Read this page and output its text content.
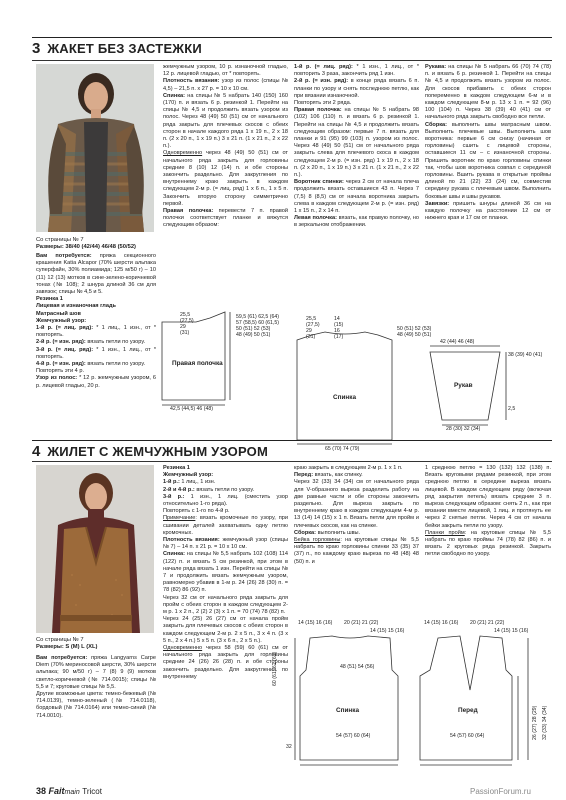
3 ЖАКЕТ БЕЗ ЗАСТЕЖКИ
Со страницы № 7
Размеры: 38/40 (42/44) 46/48 (50/52)
Вам потребуется: пряжа секционного крашения Katia Alcapor (70% шерсти альпака суперфайн, 30% полиамида; 125 м/50 г) – 10 (11) 12 (13) мотков в сине-зелено-коричневой тонах (№ 108); 2 шнура длиной 36 см для завязок; спицы № 4,5 и 5.
Резинка 1
Лицевая и изнаночная гладь
Матрасный шов
Жемчужный узор:
1-й р. (= лиц. ряд): * 1 лиц., 1 изн., от * повторять.
2-й р. (= изн. ряд): вязать петли по узору.
3-й р. (= лиц. ряд): * 1 изн., 1 лиц., от * повторять.
4-й р. (= изн. ряд): вязать петли по узору.
Повторять эти 4 р.
Узор из полос: * 12 р. жемчужным узором, 6 р. лицевой гладью, 20 р.
жемчужным узором, 10 р. изнаночной гладью, 12 р. лицевой гладью, от * повторять.
Плотность вязания: узор из полос (спицы № 4,5) – 21,5 п. x 27 р. = 10 x 10 см.
Спинка: на спицы № 5 набрать 140 (150) 160 (170) п. и вязать 6 р. резинкой 1. Перейти на спицы № 4,5 и продолжить вязать узором из полос. Через 48 (49) 50 (51) см от начального ряда закрыть для плечевых скосов с обеих сторон в начале каждого ряда 1 x 19 п., 2 x 18 п. (2 x 20 п., 1 x 19 п.) 3 x 21 п. (1 x 21 п., 2 x 22 п.).
Одновременно через 48 (49) 50 (51) см от начального ряда закрыть для горловины средние 8 (10) 12 (14) п. и обе стороны закончить раздельно. Для закругления по внутреннему краю закрыть в каждом следующем 2-м р. (= лиц. ряд) 1 x 6 п., 1 x 5 п. Закончить вторую сторону симметрично первой.
Правая полочка: перевести 7 п. правой полочки соответствует планке и вяжутся следующим образом:
1-й р. (= лиц. ряд): * 1 изн., 1 лиц., от * повторить 3 раза, закончить ряд 1 изн.
2-й р. (= изн. ряд): в конце ряда вязать 6 п. планки по узору и снять последнюю петлю, как при вязании изнаночной.
Повторять эти 2 ряда.
Правая полочка: на спицы № 5 набрать 98 (102) 106 (110) п. и вязать 6 р. резинкой 1. Перейти на спицы № 4,5 и продолжить вязать следующим образом: первые 7 п. вязать для планки и 91 (95) 99 (103) п. узором из полос. Через 48 (49) 50 (51) см от начального ряда закрыть слева для плечевого скоса в каждом следующем 2-м р. (= изн. ряд) 1 x 19 п., 2 x 18 п. (2 x 20 п., 1 x 19 п.) 3 x 21 п. (1 x 21 п., 2 x 22 п.).
Воротник спинки: через 2 см от начала плеча продолжить вязать оставшиеся 43 п. Через 7 (7,5) 8 (8,5) см от начала воротника закрыть слева в каждом следующем 2-м р. (= изн. ряд) 1 x 15 п., 2 x 14 п.
Левая полочка: вязать, как правую полочку, но в зеркальном отображении.
Рукава: на спицы № 5 набрать 66 (70) 74 (78) п. и вязать 6 р. резинкой 1. Перейти на спицы № 4,5 и продолжить вязать узором из полос. Для скосов прибавить с обеих сторон попеременно в каждом следующем 6-м и в каждом следующем 8-м р. 13 x 1 п. = 92 (96) 100 (104) п. Через 38 (39) 40 (41) см от начального ряда закрыть свободно все петли.
Сборка: выполнить швы матрасным швом. Выполнить плечевые швы. Выполнить шов воротника: первые 6 см снизу (начиная от горловины) сшить с лицевой стороны, оставшиеся 11 см – с изнаночной стороны. Пришить воротник по краю горловины спинки так, чтобы шов воротника совпал с серединой горловины. Вшить рукава в открытые проймы длиной по 21 (22) 23 (24) см, совместив середину рукава с плечевым швом. Выполнить боковые швы и швы рукавов.
Завязки: пришить шнуры длиной 36 см на каждую полочку на расстоянии 12 см от нижнего края и 17 см от планки.
Правая полочка
Спинка
Рукав
25,5
(27,5)
29
(31)
59,5 (61) 62,5 (64)
57 (58,5) 60 (61,5)
50 (51) 52 (53)
48 (49) 50 (51)
42,5 (44,5) 46 (48)
25,5
(27,5)
29
(31)
14
(15)
16
(17)
50 (51) 52 (53)
48 (49) 50 (51)
65 (70) 74 (79)
42 (44) 46 (48)
38 (39) 40 (41)
2,5
28 (30) 32 (34)
4 ЖИЛЕТ С ЖЕМЧУЖНЫМ УЗОРОМ
Со страницы № 7
Размеры: S (M) L (XL)
Вам потребуется: пряжа Langyarns Carpe Diem (70% мериносовой шерсти, 30% шерсти альпака; 90 м/50 г) – 7 (8) 9 (9) мотков светло-коричневой (№ 714.0015); спицы № 5,5 и 7; круговые спицы № 5,5.
Другие возможные цвета: темно-бежевый (№ 714.0139), темно-зеленый (№ 714.0118), бордовый (№ 714.0164) или темно-синий (№ 714.0010).
Резинка 1
Жемчужный узор:
1-й р.: 1 лиц., 1 изн.
2-й и 4-й р.: вязать петли по узору.
3-й р.: 1 изн., 1 лиц. (сместить узор относительно 1-го ряда).
Повторять с 1-го по 4-й р.
Примечание: вязать кромочные по узору, при сшивании деталей захватывать одну петлю кромочных.
Плотность вязания: жемчужный узор (спицы № 7) – 14 п. x 21 р. = 10 x 10 см.
Спинка: на спицы № 5,5 набрать 102 (108) 114 (122) п. и вязать 5 см резинкой, при этом в начале ряда вязать 1 изн. Перейти на спицы № 7 и продолжить вязать жемчужным узором, равномерно убавив в 1-м р. 24 (26) 28 (30) п. = 78 (82) 86 (92) п.
Через 32 см от начального ряда закрыть для пройм с обеих сторон в каждом следующем 2-м р. 1 x 2 п., 2 (2) 2 (3) x 1 п. = 70 (74) 78 (82) п.
Через 24 (25) 26 (27) см от начала пройм закрыть для плечевых скосов с обеих сторон в каждом следующем 2-м р. 2 x 5 п., 3 x 4 п. (3 x 5 п., 2 x 4 п.) 5 x 5 п. (3 x 6 п., 2 x 5 п.).
Одновременно через 58 (59) 60 (61) см от начального ряда закрыть для горловины средние 24 (26) 26 (28) п. и обе стороны закончить раздельно. Для закругления по внутреннему
краю закрыть в следующем 2-м р. 1 x 1 п.
Перед: вязать, как спинку.
Через 32 (33) 34 (34) см от начального ряда для V-образного выреза разделить работу на две равные части и обе стороны закончить раздельно. Для выреза закрыть по внутреннему краю в каждом следующем 4-м р. 13 (14) 14 (15) x 1 п. Вязать петли для пройм и плечевых скосов, как на спинке.
Сборка: выполнить швы.
Бейка горловины: на круговые спицы № 5,5 набрать по краю горловины спинки 33 (35) 37 (37) п., по каждому краю выреза по 48 (48) 48 (50) п. и
1 среднюю петлю = 130 (132) 132 (138) п. Вязать круговыми рядами резинкой, при этом среднюю петлю в середине выреза вязать лицевой. В каждом следующем ряду (включая ряд закрытия петель) вязать средние 3 п. выреза следующим образом: снять 2 п., как при вязании вместе лицевой, 1 лиц. и протянуть ее через 2 снятые петли. Через 4 см от начала бейки закрыть петли по узору.
Планки пройм: на круговые спицы № 5,5 набрать по краю проймы 74 (78) 82 (86) п. и вязать 2 круговых ряда резинкой. Закрыть петли свободно по узору.
Спинка	Перед
14 (15) 16 (16) 20 (21) 21 (22)
14 (15) 15 (16)
48 (51) 54 (56)
60 (61) 62 (63)
54 (57) 60 (64)
32
14 (15) 16 (16) 20 (21) 21 (22)
14 (15) 15 (16)
26 (27) 28 (29) 32 (33) 34 (34)
54 (57) 60 (64)
38 Faitmain Tricot	PassionForum.ru
